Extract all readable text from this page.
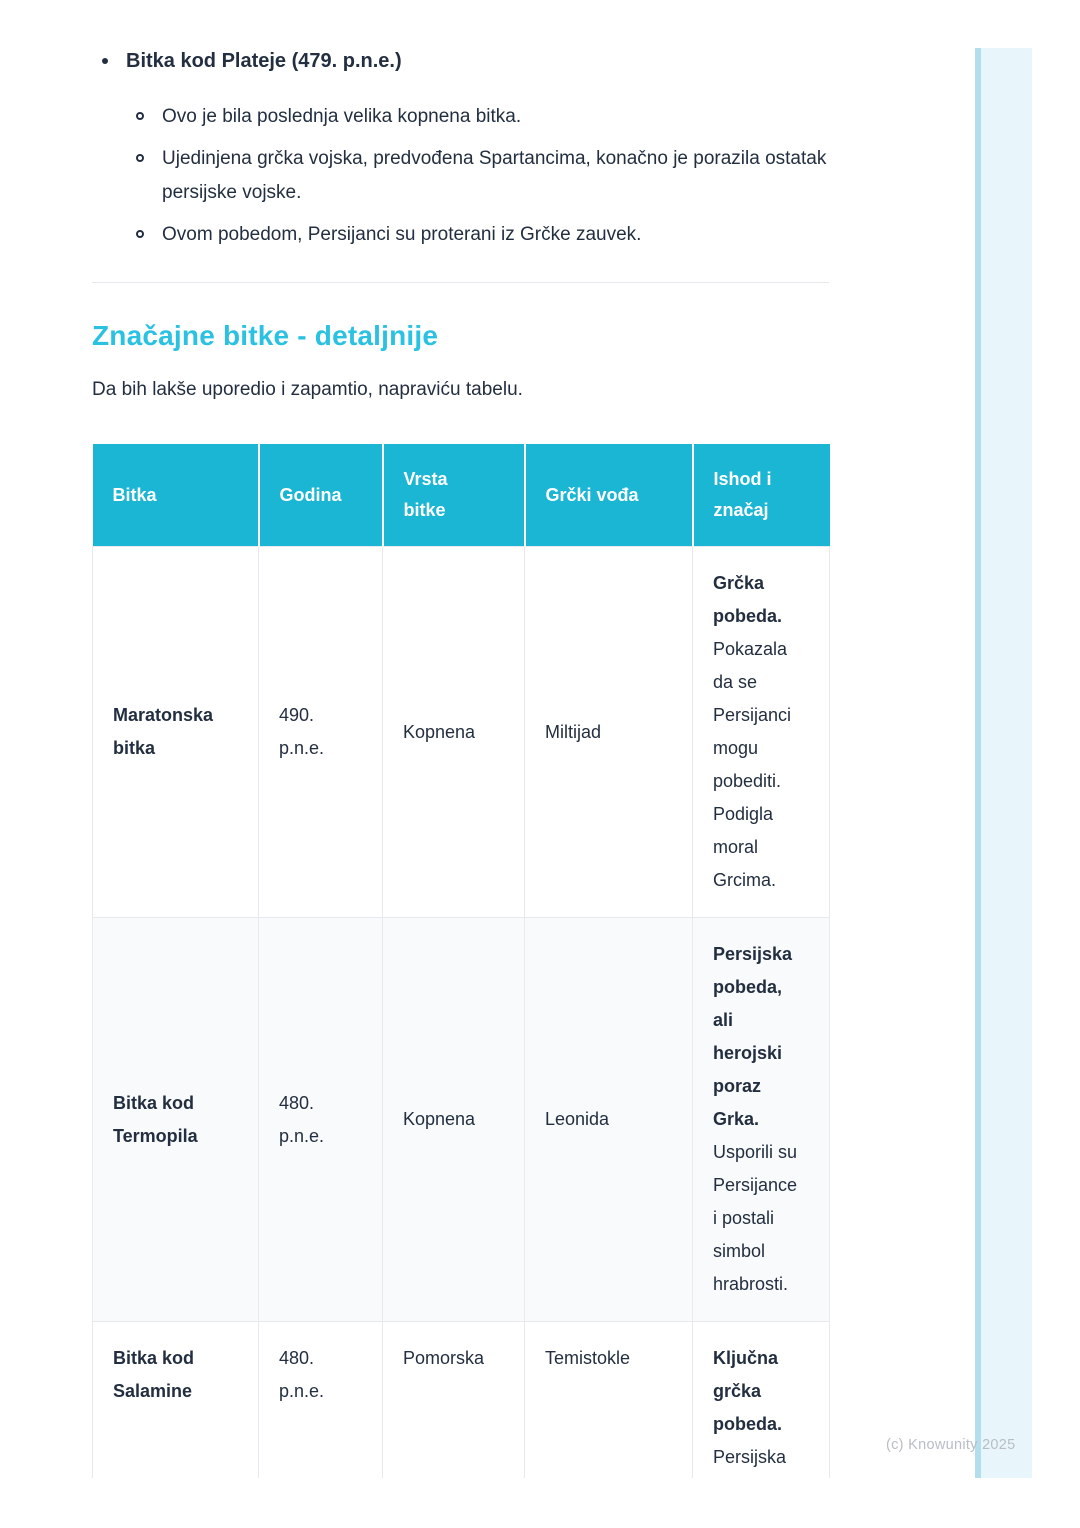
Bitka kod Plateje (479. p.n.e.)
Ovo je bila poslednja velika kopnena bitka.
Ujedinjena grčka vojska, predvođena Spartancima, konačno je porazila ostatak persijske vojske.
Ovom pobedom, Persijanci su proterani iz Grčke zauvek.
Značajne bitke - detaljnije

Da bih lakše uporedio i zapamtio, napraviću tabelu.

Bitka	Godina	Vrsta bitke	Grčki vođa	Ishod i značaj
Maratonska bitka	490. p.n.e.	Kopnena	Miltijad	Grčka pobeda. Pokazala da se Persijanci mogu pobediti. Podigla moral Grcima.
Bitka kod Termopila	480. p.n.e.	Kopnena	Leonida	Persijska pobeda, ali herojski poraz Grka. Usporili su Persijance i postali simbol hrabrosti.
Bitka kod Salamine	480. p.n.e.	Pomorska	Temistokle	Ključna grčka pobeda. Persijska
(c) Knowunity 2025
